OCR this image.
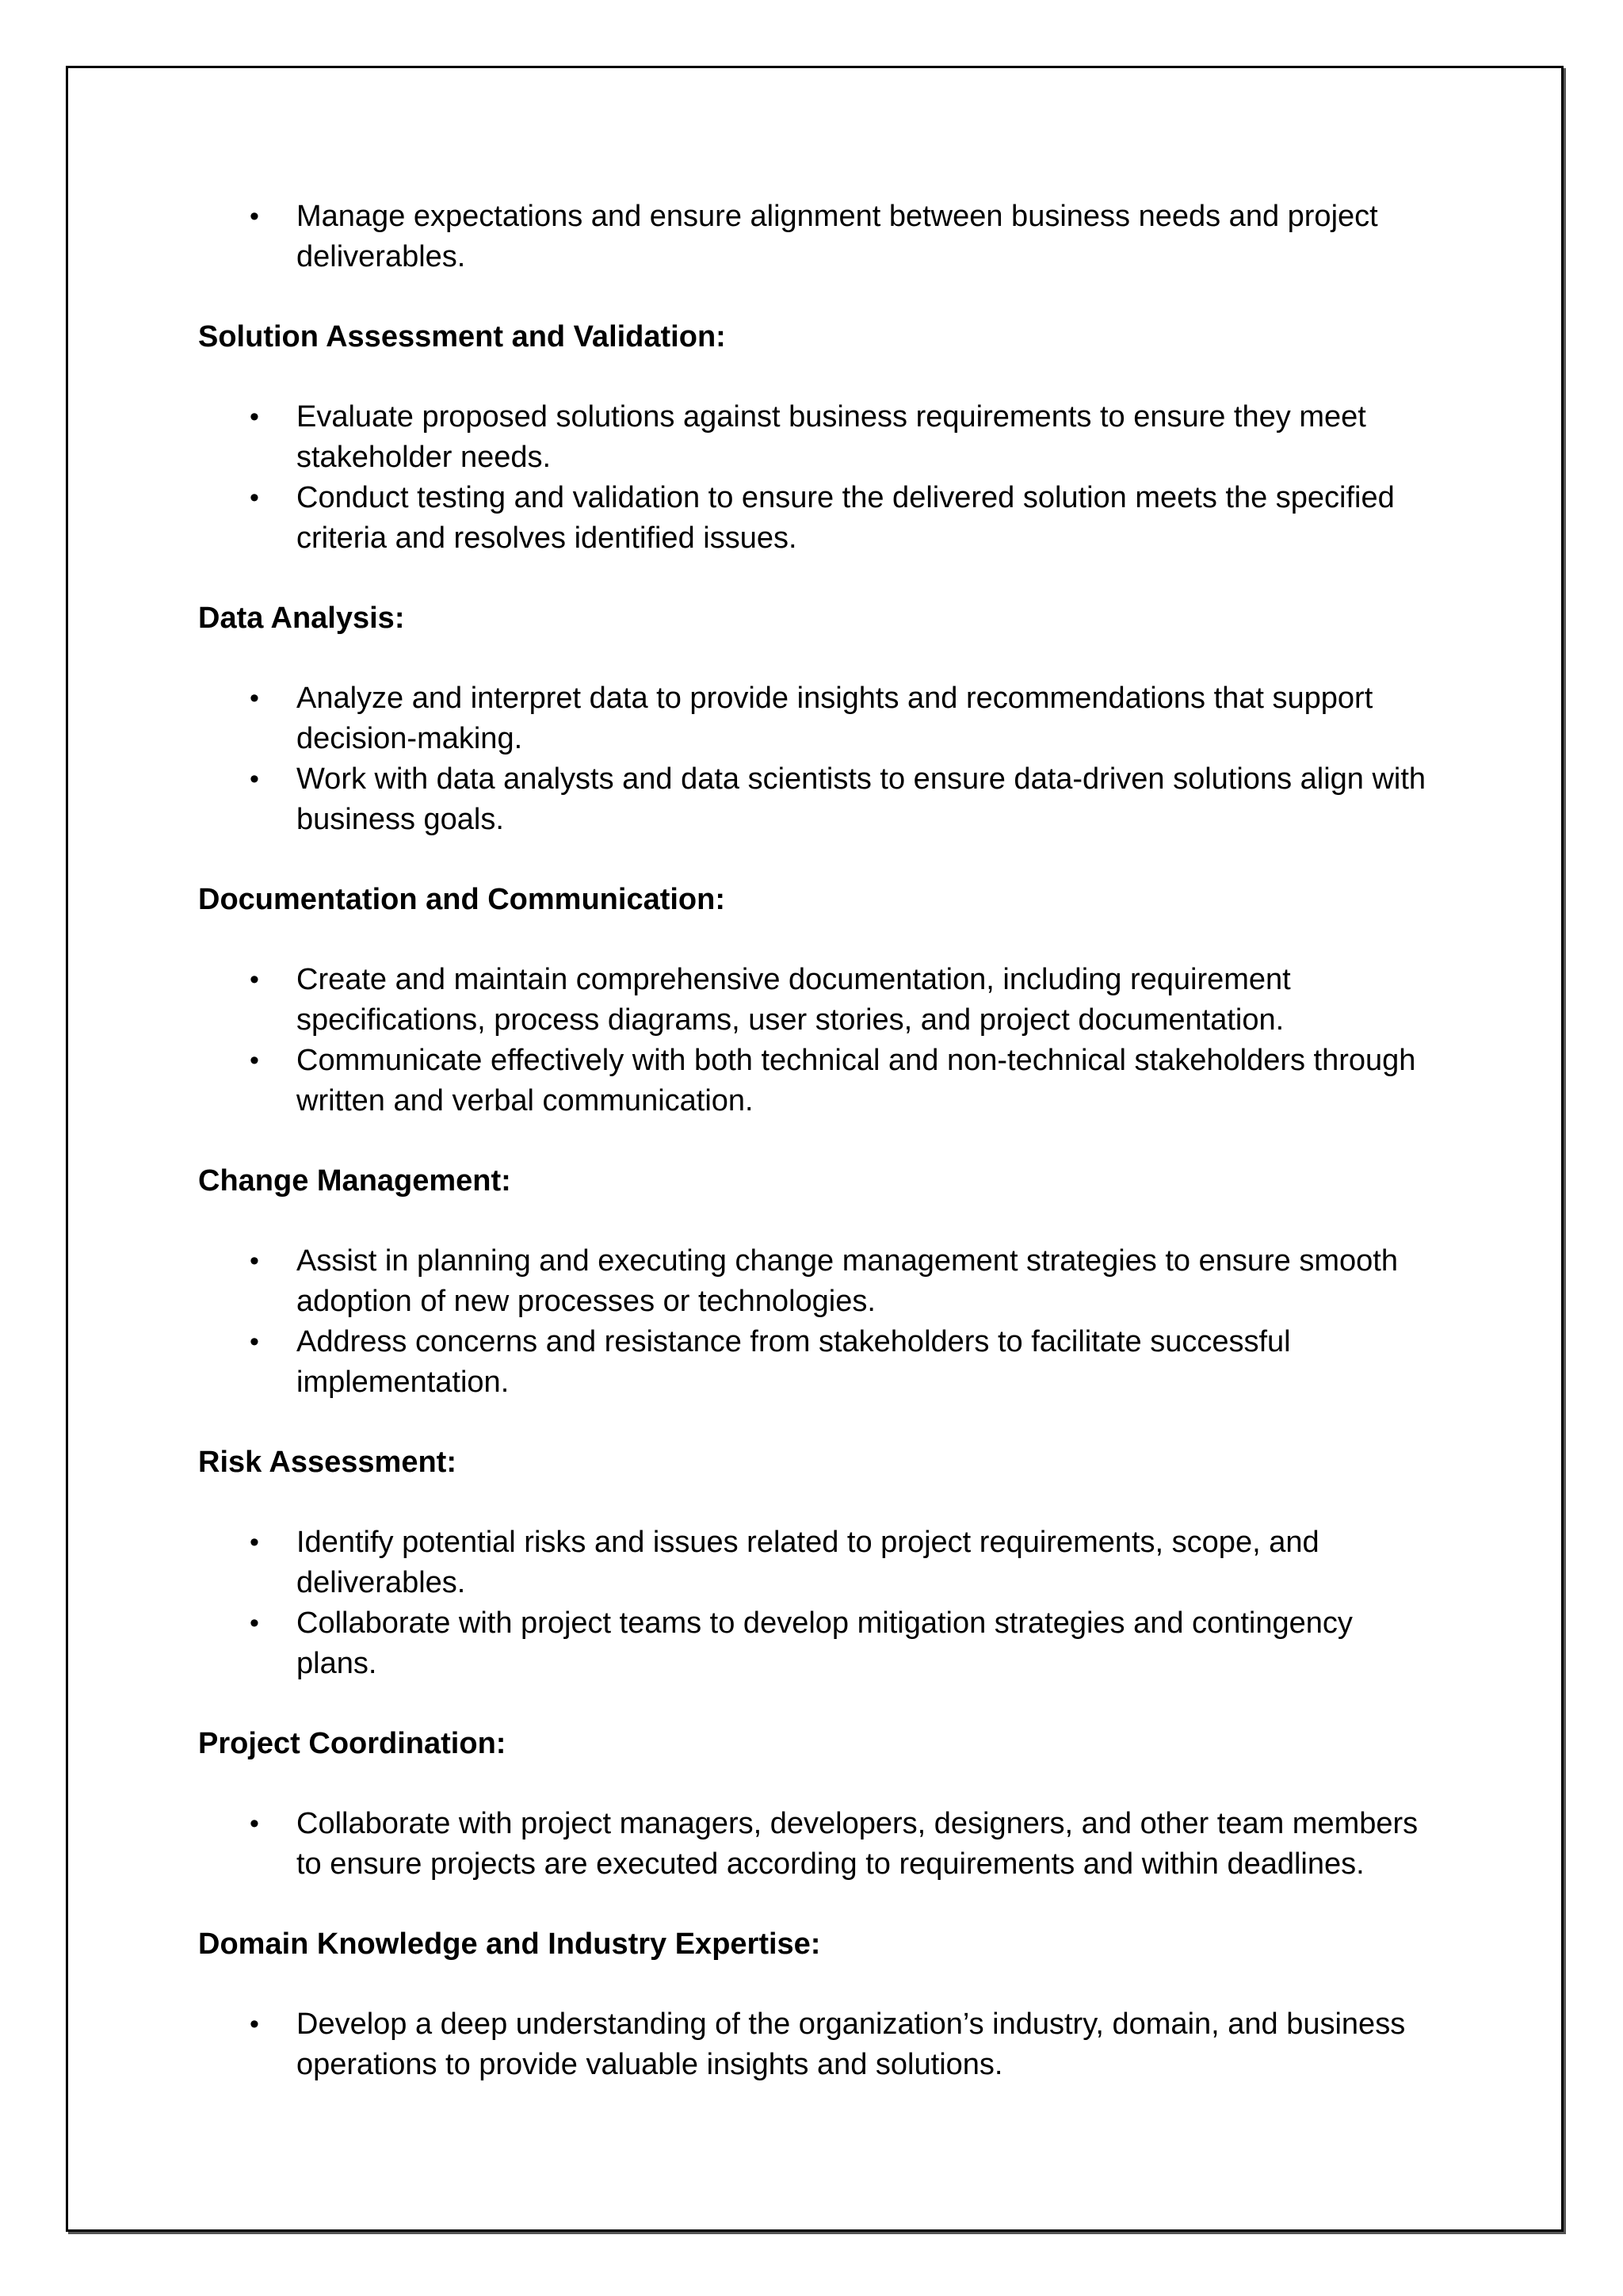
• Manage expectations and ensure alignment between business needs and project deliverables.
Solution Assessment and Validation:
• Evaluate proposed solutions against business requirements to ensure they meet stakeholder needs.
• Conduct testing and validation to ensure the delivered solution meets the specified criteria and resolves identified issues.
Data Analysis:
• Analyze and interpret data to provide insights and recommendations that support decision-making.
• Work with data analysts and data scientists to ensure data-driven solutions align with business goals.
Documentation and Communication:
• Create and maintain comprehensive documentation, including requirement specifications, process diagrams, user stories, and project documentation.
• Communicate effectively with both technical and non-technical stakeholders through written and verbal communication.
Change Management:
• Assist in planning and executing change management strategies to ensure smooth adoption of new processes or technologies.
• Address concerns and resistance from stakeholders to facilitate successful implementation.
Risk Assessment:
• Identify potential risks and issues related to project requirements, scope, and deliverables.
• Collaborate with project teams to develop mitigation strategies and contingency plans.
Project Coordination:
• Collaborate with project managers, developers, designers, and other team members to ensure projects are executed according to requirements and within deadlines.
Domain Knowledge and Industry Expertise:
• Develop a deep understanding of the organization’s industry, domain, and business operations to provide valuable insights and solutions.
